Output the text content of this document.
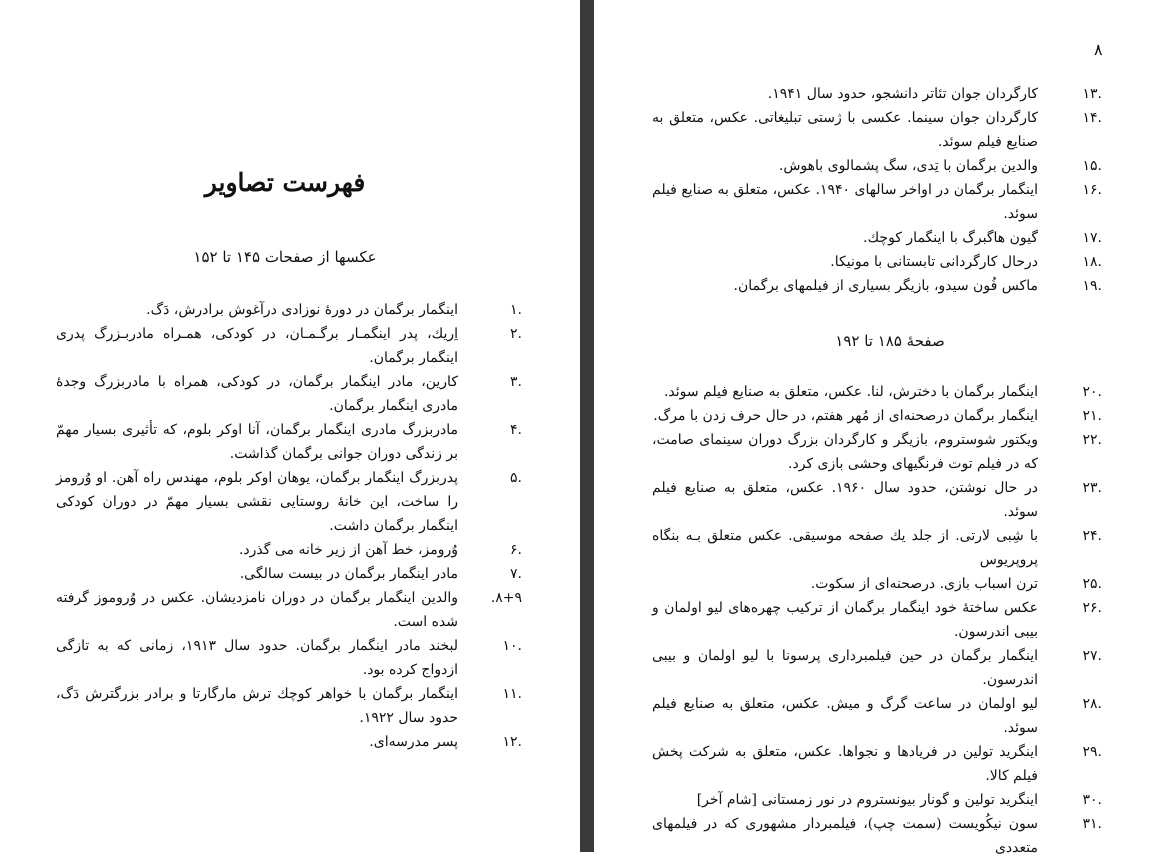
۸
فهرست تصاویر
عکسها از صفحات ۱۴۵ تا ۱۵۲
.۱
اینگمار برگمان در دورهٔ نوزادی درآغوش برادرش، دَگ.
.۲
اِریك، پدر اینگمـار برگـمـان، در كودكی، همـراه مادربـزرگ پدری اینگمار برگمان.
.۳
کارین، مادر اینگمار برگمان، در کودکی، همراه با مادربزرگ وجدهٔ مادری اینگمار برگمان.
.۴
مادربزرگ مادری اینگمار برگمان، آنا اوکر بلوم، که تأثیری بسیار مهمّ بر زندگی دوران جوانی برگمان گذاشت.
.۵
پدربزرگ اینگمار برگمان، یوهان اوکر بلوم، مهندس راه آهن. او وُرومز را ساخت، این خانهٔ روستایی نقشی بسیار مهمّ در دوران کودکی اینگمار برگمان داشت.
.۶
وُرومز، خط آهن از زیر خانه می گذرد.
.۷
مادر اینگمار برگمان در بیست سالگی.
۸+۹.
والدین اینگمار برگمان در دوران نامزدیشان. عکس در وُروموز گرفته شده است.
.۱۰
لبخند مادر اینگمار برگمان. حدود سال ۱۹۱۳، زمانی که به تازگی ازدواج کرده بود.
.۱۱
اینگمار برگمان با خواهر کوچك ترش مارگارتا و برادر بزرگترش دَگ، حدود سال ۱۹۲۲.
.۱۲
پسر مدرسه‌ای.
.۱۳
کارگردان جوان تئاتر دانشجو، حدود سال ۱۹۴۱.
.۱۴
کارگردان جوان سینما. عکسی با ژستی تبلیغاتی. عکس، متعلق به صنایع فیلم سوئد.
.۱۵
والدین برگمان با تِدی، سگ پشمالوی باهوش.
.۱۶
اینگمار برگمان در اواخر سالهای ۱۹۴۰. عکس، متعلق به صنایع فیلم سوئد.
.۱۷
گیون هاگبرگ با اینگمار کوچك.
.۱۸
درحال کارگردانی تابستانی با مونیکا.
.۱۹
ماکس فُون سیدو، بازیگر بسیاری از فیلمهای برگمان.
صفحهٔ ۱۸۵ تا ۱۹۲
.۲۰
اینگمار برگمان با دخترش، لنا. عکس، متعلق به صنایع فیلم سوئد.
.۲۱
اینگمار برگمان درصحنه‌ای از مُهر هفتم، در حال حرف زدن با مرگ.
.۲۲
ویکتور شوستروم، بازیگر و کارگردان بزرگ دوران سینمای صامت، که در فیلم توت فرنگیهای وحشی بازی کرد.
.۲۳
در حال نوشتن، حدود سال ۱۹۶۰. عکس، متعلق به صنایع فیلم سوئد.
.۲۴
با شِبی لارتی. از جلد یك صفحه موسیقی. عکس متعلق بـه بنگاه پروپریوس
.۲۵
ترن اسباب بازی. درصحنه‌ای از سکوت.
.۲۶
عکس ساختهٔ خود اینگمار برگمان از ترکیب چهره‌های لیو اولمان و بیبی اندرسون.
.۲۷
اینگمار برگمان در حین فیلمبرداری پرسونا با لیو اولمان و بیبی اندرسون.
.۲۸
لیو اولمان در ساعت گرگ و میش. عکس، متعلق به صنایع فیلم سوئد.
.۲۹
اینگرید تولین در فریادها و نجواها. عکس، متعلق به شرکت پخش فیلم کالا.
.۳۰
اینگرید تولین و گونار بیونستروم در نور زمستانی [شام آخر]
.۳۱
سون نیکُویست (سمت چپ)، فیلمبردار مشهوری که در فیلمهای متعددی
